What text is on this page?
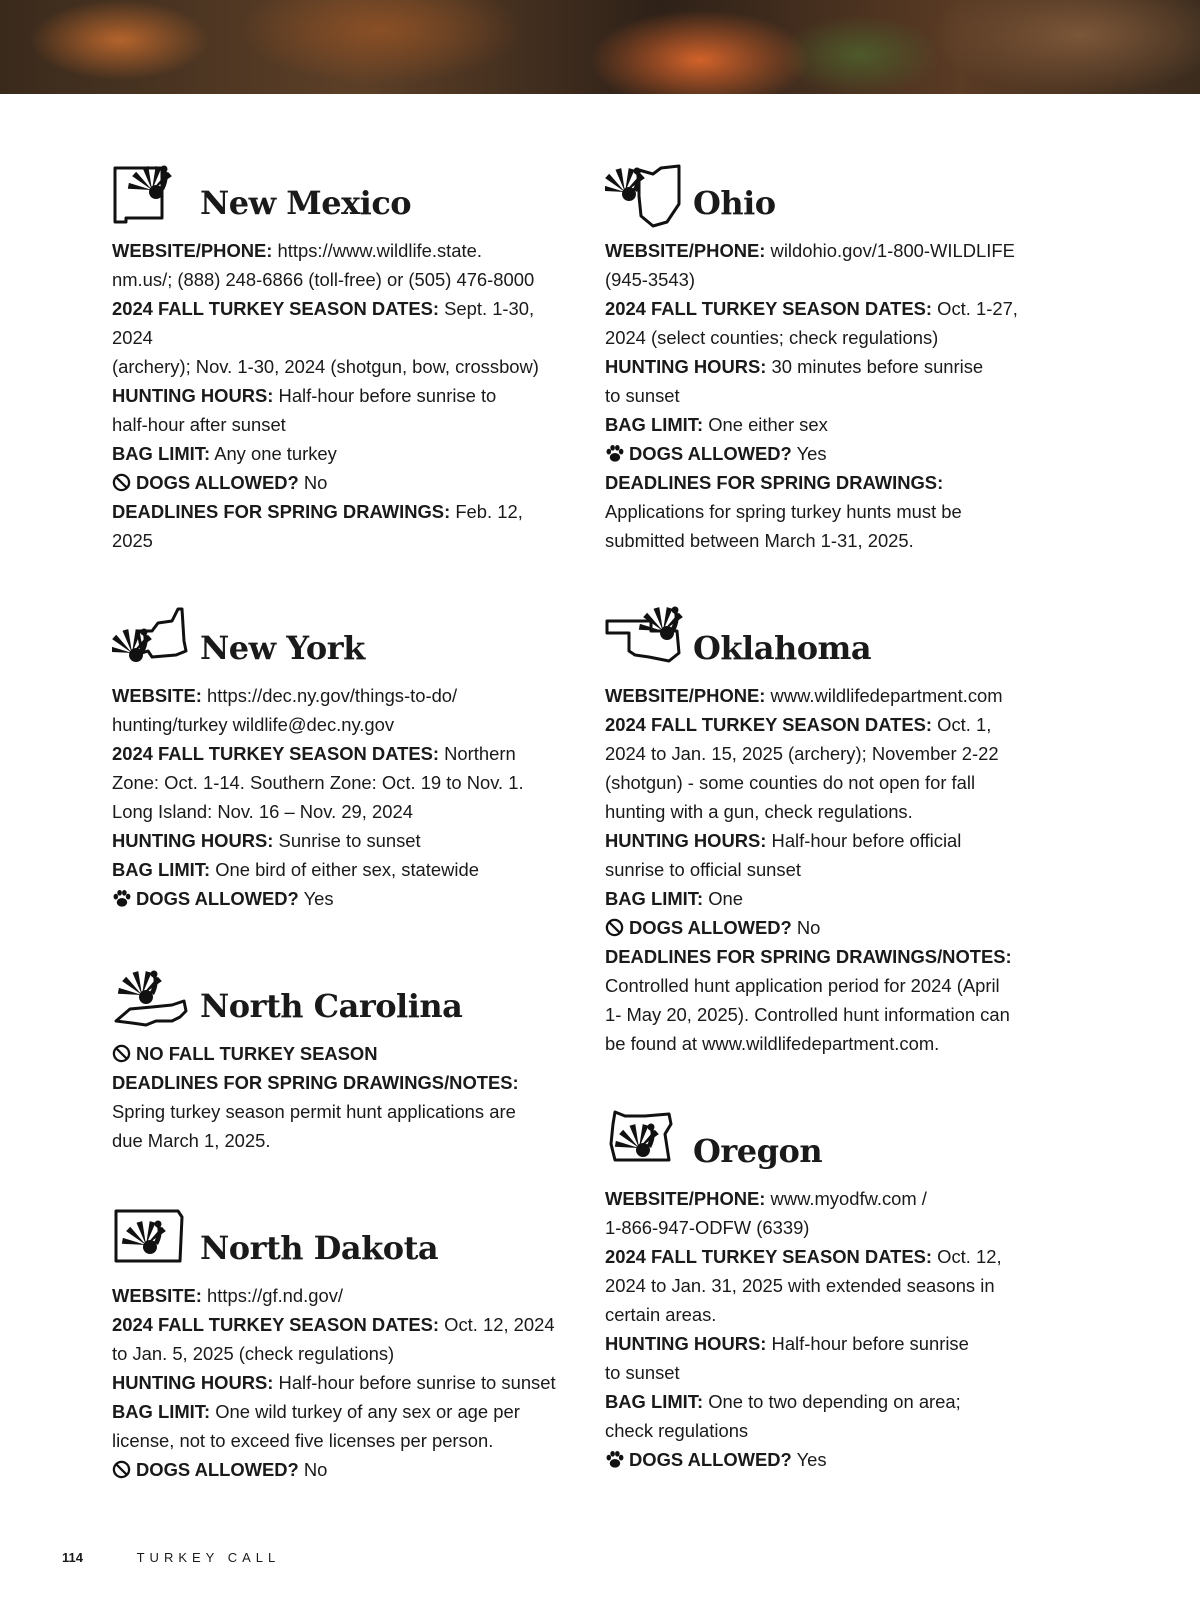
New Mexico

WEBSITE/PHONE: https://www.wildlife.state.

nm.us/; (888) 248-6866 (toll-free) or (505) 476-8000

2024 FALL TURKEY SEASON DATES: Sept. 1-30, 2024

(archery); Nov. 1-30, 2024 (shotgun, bow, crossbow)

HUNTING HOURS: Half-hour before sunrise to

half-hour after sunset

BAG LIMIT: Any one turkey

DOGS ALLOWED? No

DEADLINES FOR SPRING DRAWINGS: Feb. 12, 2025

New York

WEBSITE: https://dec.ny.gov/things-to-do/

hunting/turkey wildlife@dec.ny.gov

2024 FALL TURKEY SEASON DATES: Northern

Zone: Oct. 1-14. Southern Zone: Oct. 19 to Nov. 1.

Long Island: Nov. 16 – Nov. 29, 2024

HUNTING HOURS: Sunrise to sunset

BAG LIMIT: One bird of either sex, statewide

DOGS ALLOWED? Yes

North Carolina

NO FALL TURKEY SEASON

DEADLINES FOR SPRING DRAWINGS/NOTES:

Spring turkey season permit hunt applications are

due March 1, 2025.

North Dakota

WEBSITE: https://gf.nd.gov/

2024 FALL TURKEY SEASON DATES: Oct. 12, 2024

to Jan. 5, 2025 (check regulations)

HUNTING HOURS: Half-hour before sunrise to sunset

BAG LIMIT: One wild turkey of any sex or age per

license, not to exceed five licenses per person.

DOGS ALLOWED? No

Ohio

WEBSITE/PHONE: wildohio.gov/1-800-WILDLIFE

(945-3543)

2024 FALL TURKEY SEASON DATES: Oct. 1-27,

2024 (select counties; check regulations)

HUNTING HOURS: 30 minutes before sunrise

to sunset

BAG LIMIT: One either sex

DOGS ALLOWED? Yes

DEADLINES FOR SPRING DRAWINGS:

Applications for spring turkey hunts must be

submitted between March 1-31, 2025.

Oklahoma

WEBSITE/PHONE: www.wildlifedepartment.com

2024 FALL TURKEY SEASON DATES: Oct. 1,

2024 to Jan. 15, 2025 (archery); November 2-22

(shotgun) - some counties do not open for fall

hunting with a gun, check regulations.

HUNTING HOURS: Half-hour before official

sunrise to official sunset

BAG LIMIT: One

DOGS ALLOWED? No

DEADLINES FOR SPRING DRAWINGS/NOTES:

Controlled hunt application period for 2024 (April

1- May 20, 2025). Controlled hunt information can

be found at www.wildlifedepartment.com.

Oregon

WEBSITE/PHONE: www.myodfw.com /

1-866-947-ODFW (6339)

2024 FALL TURKEY SEASON DATES: Oct. 12,

2024 to Jan. 31, 2025 with extended seasons in

certain areas.

HUNTING HOURS: Half-hour before sunrise

to sunset

BAG LIMIT: One to two depending on area;

check regulations

DOGS ALLOWED? Yes

114	TURKEY CALL
